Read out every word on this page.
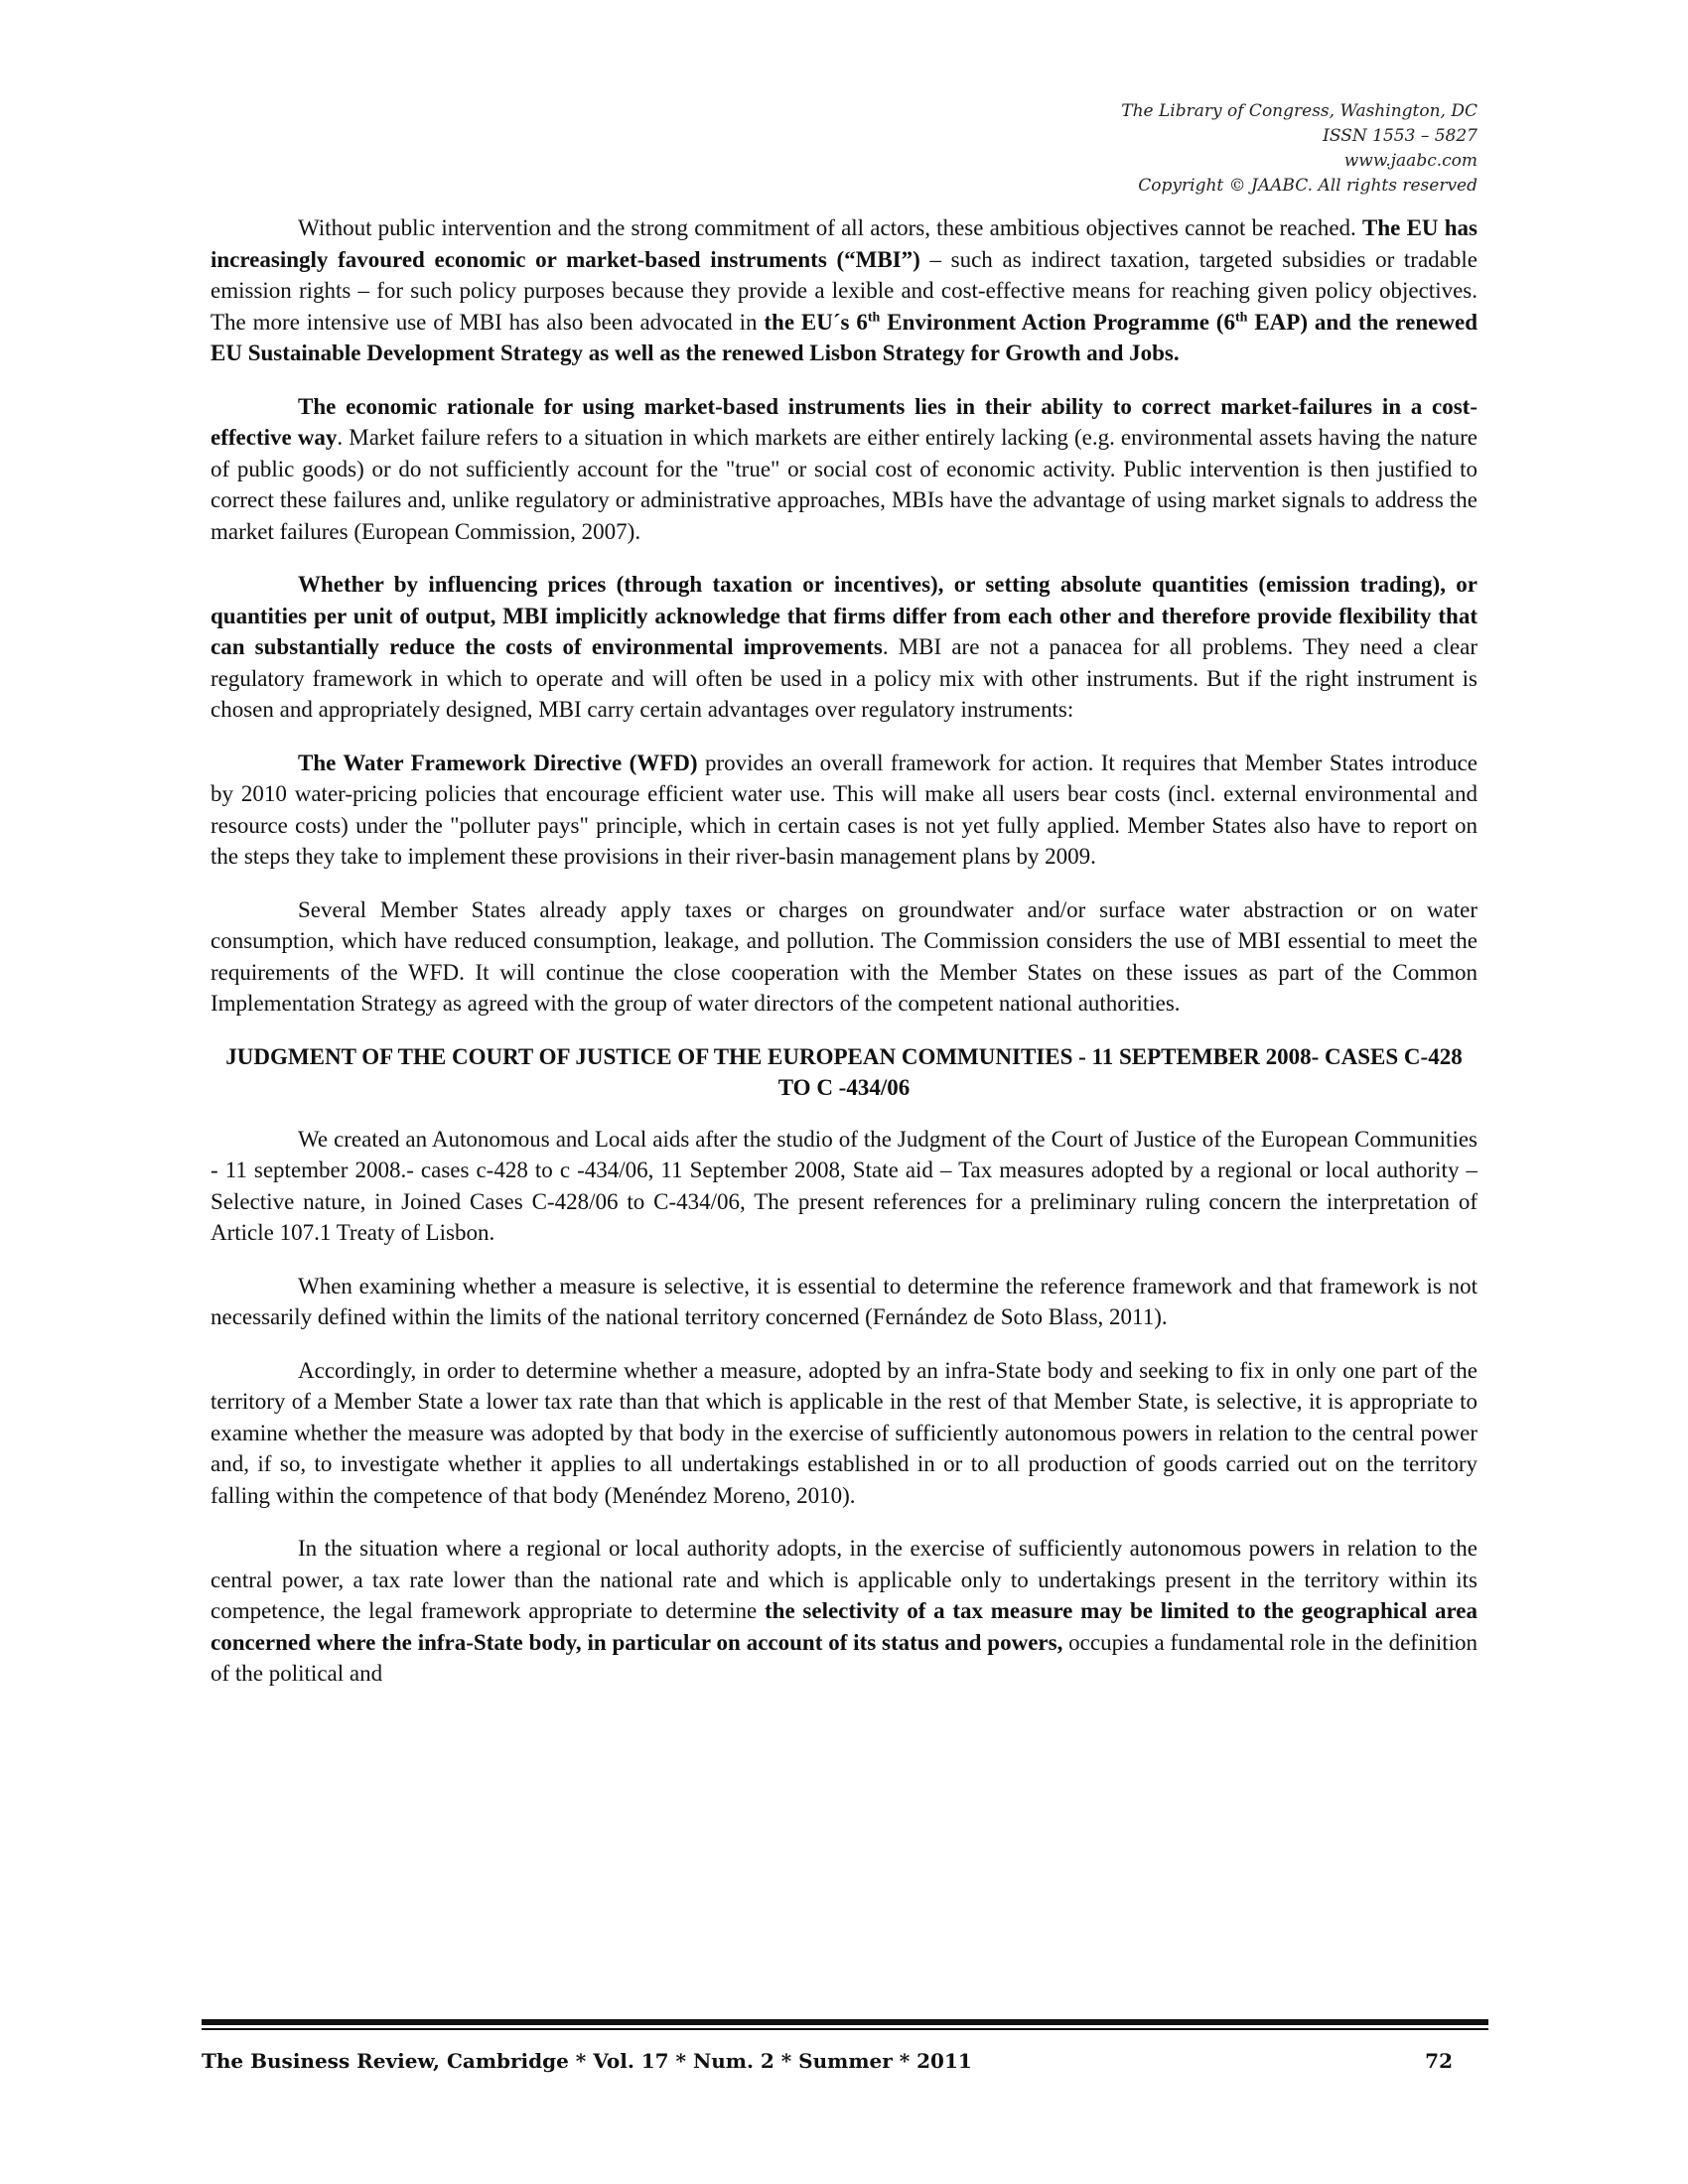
The Library of Congress, Washington, DC
ISSN 1553 – 5827
www.jaabc.com
Copyright © JAABC. All rights reserved

Without public intervention and the strong commitment of all actors, these ambitious objectives cannot be reached. The EU has increasingly favoured economic or market-based instruments (“MBI”) – such as indirect taxation, targeted subsidies or tradable emission rights – for such policy purposes because they provide a lexible and cost-effective means for reaching given policy objectives. The more intensive use of MBI has also been advocated in the EU´s 6th Environment Action Programme (6th EAP) and the renewed EU Sustainable Development Strategy as well as the renewed Lisbon Strategy for Growth and Jobs.

The economic rationale for using market-based instruments lies in their ability to correct market-failures in a cost-effective way. Market failure refers to a situation in which markets are either entirely lacking (e.g. environmental assets having the nature of public goods) or do not sufficiently account for the "true" or social cost of economic activity. Public intervention is then justified to correct these failures and, unlike regulatory or administrative approaches, MBIs have the advantage of using market signals to address the market failures (European Commission, 2007).

Whether by influencing prices (through taxation or incentives), or setting absolute quantities (emission trading), or quantities per unit of output, MBI implicitly acknowledge that firms differ from each other and therefore provide flexibility that can substantially reduce the costs of environmental improvements. MBI are not a panacea for all problems. They need a clear regulatory framework in which to operate and will often be used in a policy mix with other instruments. But if the right instrument is chosen and appropriately designed, MBI carry certain advantages over regulatory instruments:

The Water Framework Directive (WFD) provides an overall framework for action. It requires that Member States introduce by 2010 water-pricing policies that encourage efficient water use. This will make all users bear costs (incl. external environmental and resource costs) under the "polluter pays" principle, which in certain cases is not yet fully applied. Member States also have to report on the steps they take to implement these provisions in their river-basin management plans by 2009.

Several Member States already apply taxes or charges on groundwater and/or surface water abstraction or on water consumption, which have reduced consumption, leakage, and pollution. The Commission considers the use of MBI essential to meet the requirements of the WFD. It will continue the close cooperation with the Member States on these issues as part of the Common Implementation Strategy as agreed with the group of water directors of the competent national authorities.

JUDGMENT OF THE COURT OF JUSTICE OF THE EUROPEAN COMMUNITIES - 11 SEPTEMBER 2008- CASES C-428 TO C -434/06

We created an Autonomous and Local aids after the studio of the Judgment of the Court of Justice of the European Communities - 11 september 2008.- cases c-428 to c -434/06, 11 September 2008, State aid – Tax measures adopted by a regional or local authority – Selective nature, in Joined Cases C-428/06 to C-434/06, The present references for a preliminary ruling concern the interpretation of Article 107.1 Treaty of Lisbon.

When examining whether a measure is selective, it is essential to determine the reference framework and that framework is not necessarily defined within the limits of the national territory concerned (Fernández de Soto Blass, 2011).

Accordingly, in order to determine whether a measure, adopted by an infra-State body and seeking to fix in only one part of the territory of a Member State a lower tax rate than that which is applicable in the rest of that Member State, is selective, it is appropriate to examine whether the measure was adopted by that body in the exercise of sufficiently autonomous powers in relation to the central power and, if so, to investigate whether it applies to all undertakings established in or to all production of goods carried out on the territory falling within the competence of that body (Menéndez Moreno, 2010).

In the situation where a regional or local authority adopts, in the exercise of sufficiently autonomous powers in relation to the central power, a tax rate lower than the national rate and which is applicable only to undertakings present in the territory within its competence, the legal framework appropriate to determine the selectivity of a tax measure may be limited to the geographical area concerned where the infra-State body, in particular on account of its status and powers, occupies a fundamental role in the definition of the political and

The Business Review, Cambridge * Vol. 17 * Num. 2 * Summer * 2011	72
